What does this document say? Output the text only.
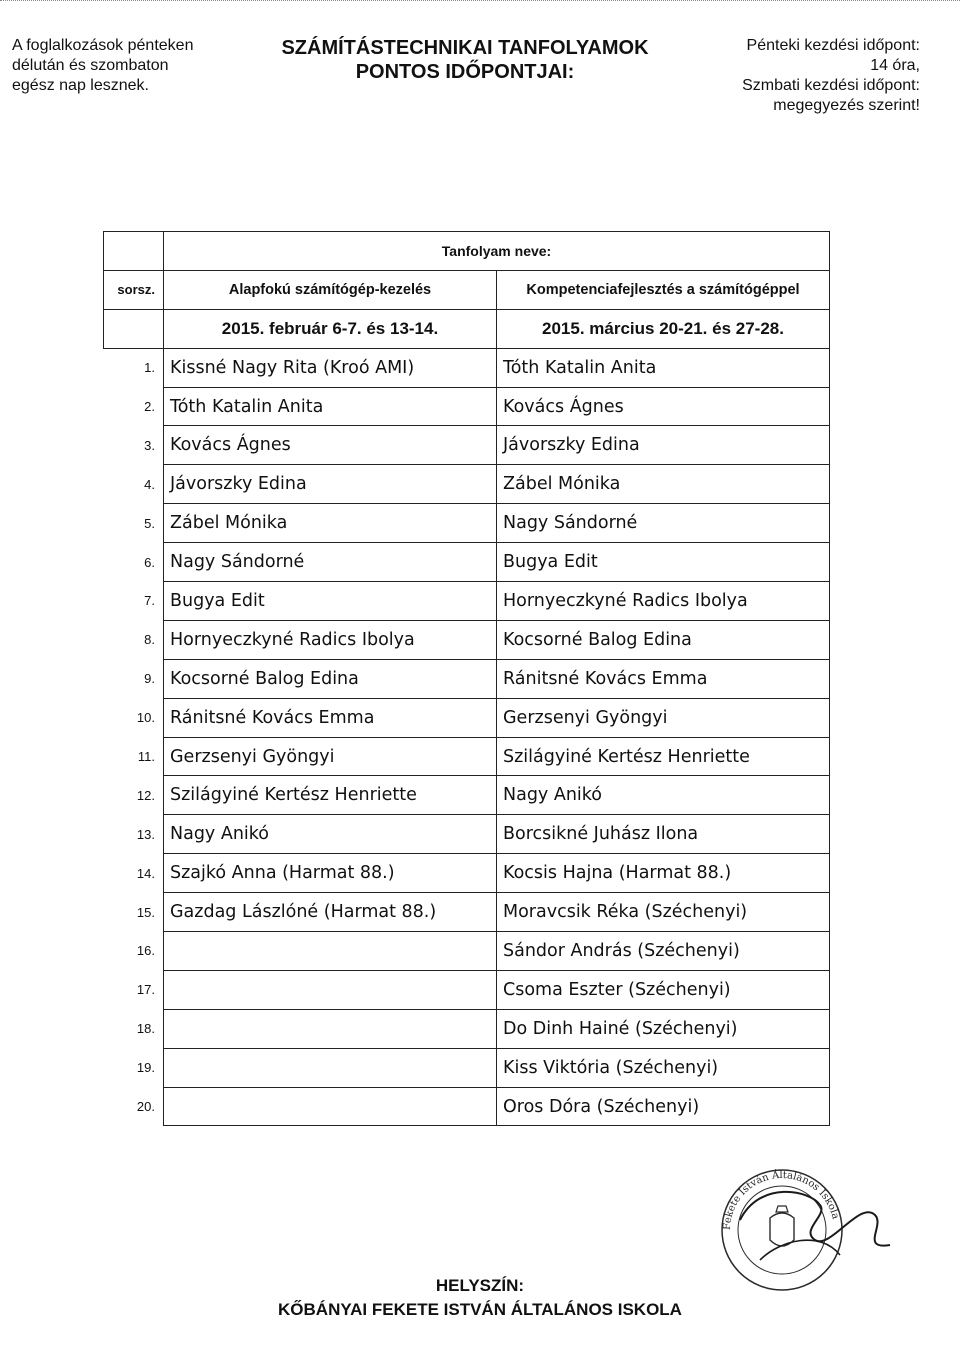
A foglalkozások pénteken
délután és szombaton
egész nap lesznek.
SZÁMÍTÁSTECHNIKAI TANFOLYAMOK
PONTOS IDŐPONTJAI:
Pénteki kezdési időpont:
14 óra,
Szmbati kezdési időpont:
megegyezés szerint!
	Tanfolyam neve:	
sorsz.	Alapfokú számítógép-kezelés	Kompetenciafejlesztés a számítógéppel
	2015. február 6-7. és 13-14.	2015. március 20-21. és 27-28.
1.	Kissné Nagy Rita (Kroó AMI)	Tóth Katalin Anita
2.	Tóth Katalin Anita	Kovács Ágnes
3.	Kovács Ágnes	Jávorszky Edina
4.	Jávorszky Edina	Zábel Mónika
5.	Zábel Mónika	Nagy Sándorné
6.	Nagy Sándorné	Bugya Edit
7.	Bugya Edit	Hornyeczkyné Radics Ibolya
8.	Hornyeczkyné Radics Ibolya	Kocsorné Balog Edina
9.	Kocsorné Balog Edina	Ránitsné Kovács Emma
10.	Ránitsné Kovács Emma	Gerzsenyi Gyöngyi
11.	Gerzsenyi Gyöngyi	Szilágyiné Kertész Henriette
12.	Szilágyiné Kertész Henriette	Nagy Anikó
13.	Nagy Anikó	Borcsikné Juhász Ilona
14.	Szajkó Anna (Harmat 88.)	Kocsis Hajna (Harmat 88.)
15.	Gazdag Lászlóné (Harmat 88.)	Moravcsik Réka (Széchenyi)
16.		Sándor András (Széchenyi)
17.		Csoma Eszter (Széchenyi)
18.		Do Dinh Hainé (Széchenyi)
19.		Kiss Viktória (Széchenyi)
20.		Oros Dóra (Széchenyi)
HELYSZÍN:
KŐBÁNYAI FEKETE ISTVÁN ÁLTALÁNOS ISKOLA
Fekete István Általános Iskola
